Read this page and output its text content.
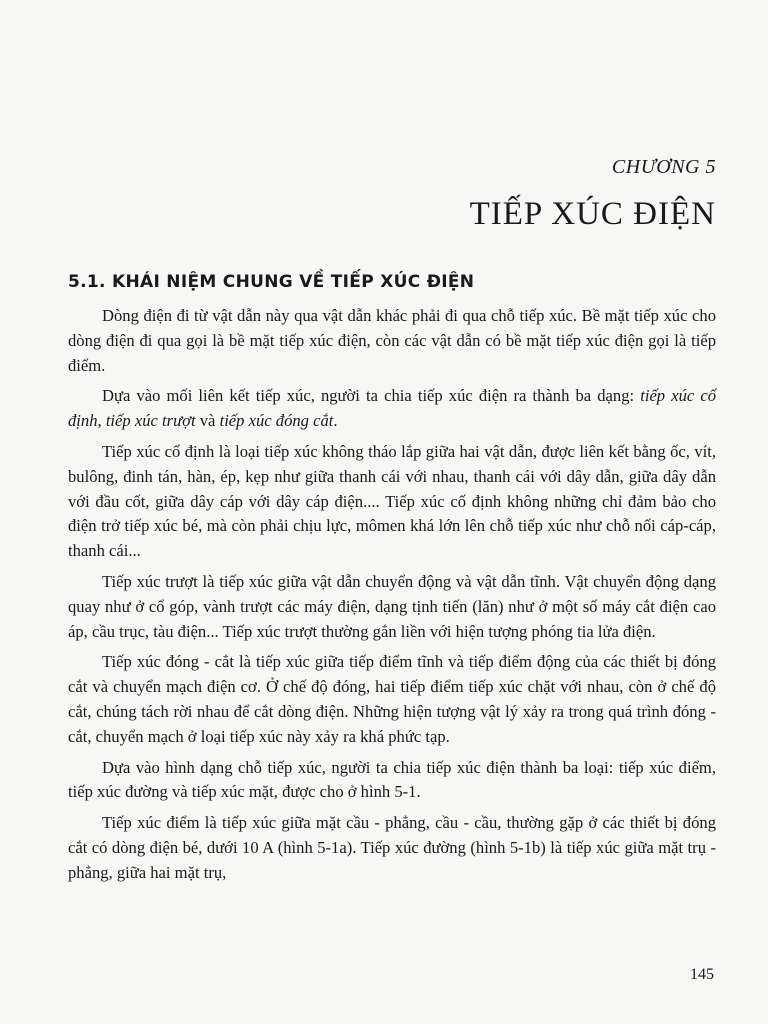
CHƯƠNG 5
TIẾP XÚC ĐIỆN
5.1. KHÁI NIỆM CHUNG VỀ TIẾP XÚC ĐIỆN

Dòng điện đi từ vật dẫn này qua vật dẫn khác phải đi qua chỗ tiếp xúc. Bề mặt tiếp xúc cho dòng điện đi qua gọi là bề mặt tiếp xúc điện, còn các vật dẫn có bề mặt tiếp xúc điện gọi là tiếp điểm.

Dựa vào mối liên kết tiếp xúc, người ta chia tiếp xúc điện ra thành ba dạng: tiếp xúc cố định, tiếp xúc trượt và tiếp xúc đóng cắt.

Tiếp xúc cố định là loại tiếp xúc không tháo lắp giữa hai vật dẫn, được liên kết bằng ốc, vít, bulông, đinh tán, hàn, ép, kẹp như giữa thanh cái với nhau, thanh cái với dây dẫn, giữa dây dẫn với đầu cốt, giữa dây cáp với dây cáp điện.... Tiếp xúc cố định không những chỉ đảm bảo cho điện trở tiếp xúc bé, mà còn phải chịu lực, mômen khá lớn lên chỗ tiếp xúc như chỗ nối cáp-cáp, thanh cái...

Tiếp xúc trượt là tiếp xúc giữa vật dẫn chuyển động và vật dẫn tĩnh. Vật chuyển động dạng quay như ở cổ góp, vành trượt các máy điện, dạng tịnh tiến (lăn) như ở một số máy cắt điện cao áp, cầu trục, tàu điện... Tiếp xúc trượt thường gắn liền với hiện tượng phóng tia lửa điện.

Tiếp xúc đóng - cắt là tiếp xúc giữa tiếp điểm tĩnh và tiếp điểm động của các thiết bị đóng cắt và chuyển mạch điện cơ. Ở chế độ đóng, hai tiếp điểm tiếp xúc chặt với nhau, còn ở chế độ cắt, chúng tách rời nhau để cắt dòng điện. Những hiện tượng vật lý xảy ra trong quá trình đóng - cắt, chuyển mạch ở loại tiếp xúc này xảy ra khá phức tạp.

Dựa vào hình dạng chỗ tiếp xúc, người ta chia tiếp xúc điện thành ba loại: tiếp xúc điểm, tiếp xúc đường và tiếp xúc mặt, được cho ở hình 5-1.

Tiếp xúc điểm là tiếp xúc giữa mặt cầu - phẳng, cầu - cầu, thường gặp ở các thiết bị đóng cắt có dòng điện bé, dưới 10 A (hình 5-1a). Tiếp xúc đường (hình 5-1b) là tiếp xúc giữa mặt trụ - phẳng, giữa hai mặt trụ,

145
